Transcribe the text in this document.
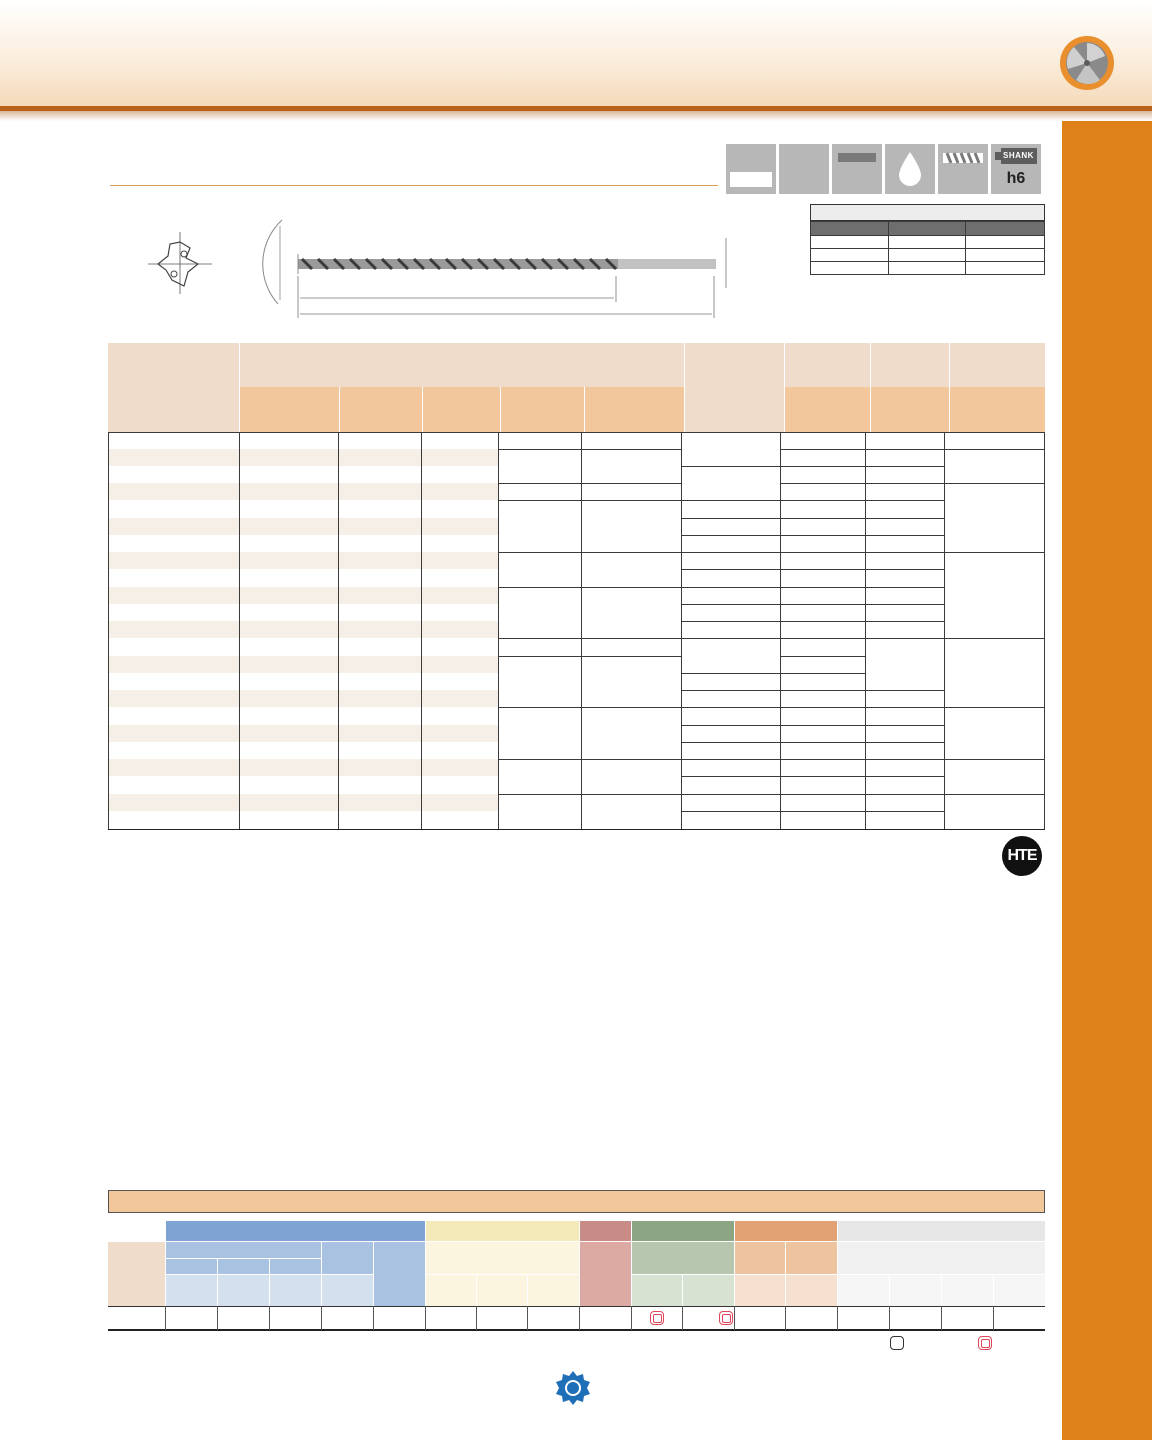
SHANK
h6

HTE
